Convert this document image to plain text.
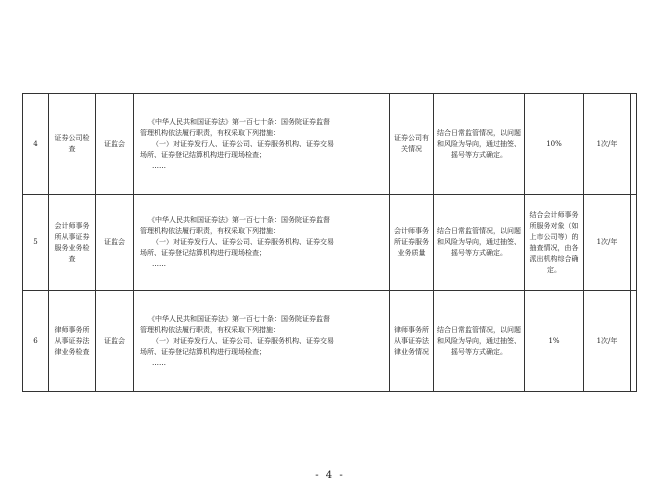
4	证券公司检查	证监会	《中华人民共和国证券法》第一百七十条：国务院证券监督
管理机构依法履行职责，有权采取下列措施：
（一）对证券发行人、证券公司、证券服务机构、证券交易
场所、证券登记结算机构进行现场检查；
……	证券公司有关情况	结合日常监管情况，以问题和风险为导向，通过抽签、摇号等方式确定。	10%	1次/年	
5	会计师事务所从事证券服务业务检查	证监会	《中华人民共和国证券法》第一百七十条：国务院证券监督
管理机构依法履行职责，有权采取下列措施：
（一）对证券发行人、证券公司、证券服务机构、证券交易
场所、证券登记结算机构进行现场检查；
……	会计师事务所证券服务业务质量	结合日常监管情况，以问题和风险为导向，通过抽签、摇号等方式确定。	结合会计师事务所服务对象（如上市公司等）的抽查情况，由各派出机构综合确定。	1次/年	
6	律师事务所从事证券法律业务检查	证监会	《中华人民共和国证券法》第一百七十条：国务院证券监督
管理机构依法履行职责，有权采取下列措施：
（一）对证券发行人、证券公司、证券服务机构、证券交易
场所、证券登记结算机构进行现场检查；
……	律师事务所从事证券法律业务情况	结合日常监管情况，以问题和风险为导向，通过抽签、摇号等方式确定。	1%	1次/年	
- 4 -
